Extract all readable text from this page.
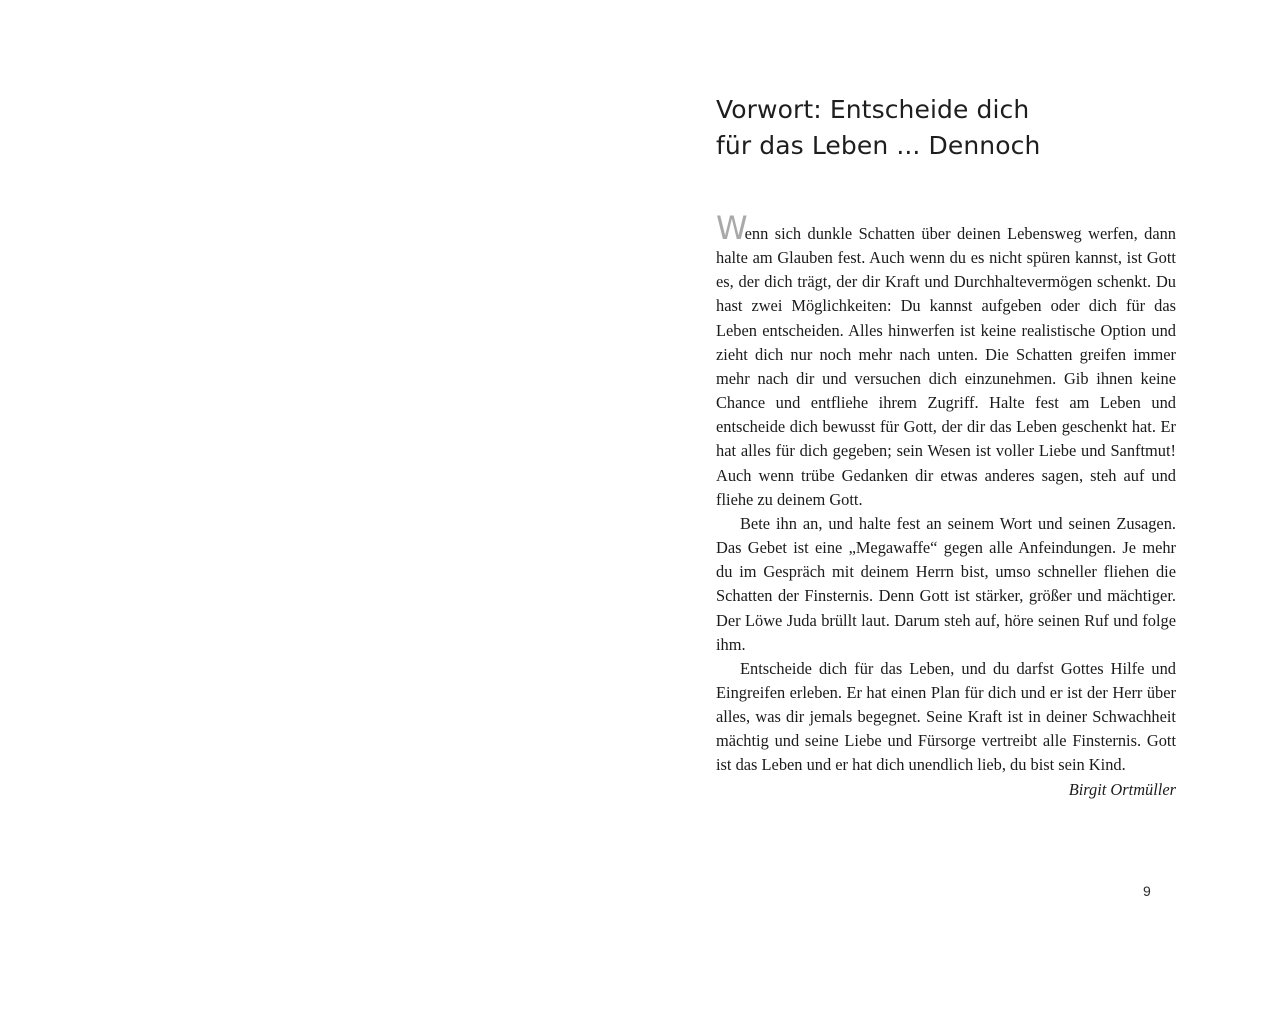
Vorwort: Entscheide dich
für das Leben ... Dennoch

Wenn sich dunkle Schatten über deinen Lebensweg werfen, dann halte am Glauben fest. Auch wenn du es nicht spüren kannst, ist Gott es, der dich trägt, der dir Kraft und Durchhaltevermögen schenkt. Du hast zwei Möglichkeiten: Du kannst aufgeben oder dich für das Leben entscheiden. Alles hinwerfen ist keine realistische Option und zieht dich nur noch mehr nach unten. Die Schatten greifen immer mehr nach dir und versuchen dich einzunehmen. Gib ihnen keine Chance und entfliehe ihrem Zugriff. Halte fest am Leben und entscheide dich bewusst für Gott, der dir das Leben geschenkt hat. Er hat alles für dich gegeben; sein Wesen ist voller Liebe und Sanftmut! Auch wenn trübe Gedanken dir etwas anderes sagen, steh auf und fliehe zu deinem Gott.

Bete ihn an, und halte fest an seinem Wort und seinen Zusagen. Das Gebet ist eine „Megawaffe“ gegen alle Anfeindungen. Je mehr du im Gespräch mit deinem Herrn bist, umso schneller fliehen die Schatten der Finsternis. Denn Gott ist stärker, größer und mächtiger. Der Löwe Juda brüllt laut. Darum steh auf, höre seinen Ruf und folge ihm.

Entscheide dich für das Leben, und du darfst Gottes Hilfe und Eingreifen erleben. Er hat einen Plan für dich und er ist der Herr über alles, was dir jemals begegnet. Seine Kraft ist in deiner Schwachheit mächtig und seine Liebe und Fürsorge vertreibt alle Finsternis. Gott ist das Leben und er hat dich unendlich lieb, du bist sein Kind.

Birgit Ortmüller

9
